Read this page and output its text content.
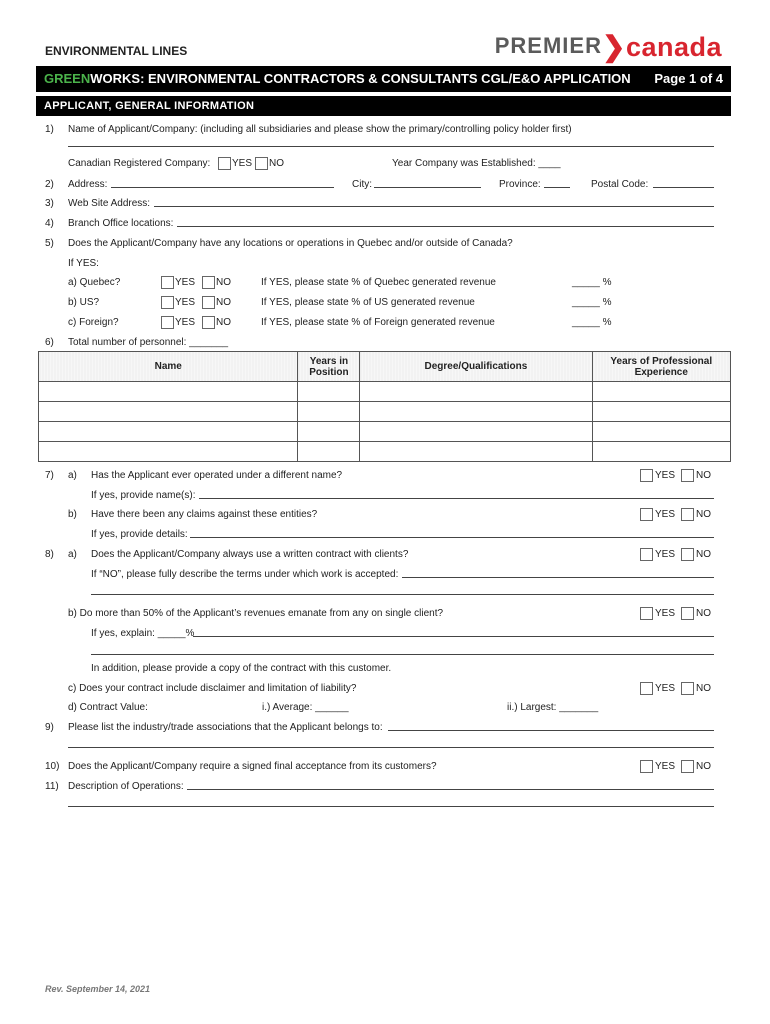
ENVIRONMENTAL LINES	PREMIER❯canada
GREENWORKS: ENVIRONMENTAL CONTRACTORS & CONSULTANTS CGL/E&O APPLICATION Page 1 of 4
APPLICANT, GENERAL INFORMATION
1) Name of Applicant/Company: (including all subsidiaries and please show the primary/controlling policy holder first)
Canadian Registered Company: YES NO	Year Company was Established: ____
2) Address:	City:	Province:	Postal Code:
3) Web Site Address:
4) Branch Office locations:
5) Does the Applicant/Company have any locations or operations in Quebec and/or outside of Canada?
If YES:
a) Quebec?	YES NO	If YES, please state % of Quebec generated revenue	_____ %
b) US?	YES NO	If YES, please state % of US generated revenue	_____ %
c) Foreign?	YES NO	If YES, please state % of Foreign generated revenue	_____ %
6) Total number of personnel: _______
Name	Years in Position	Degree/Qualifications	Years of Professional Experience

7) a) Has the Applicant ever operated under a different name?	YES NO
If yes, provide name(s):
b) Have there been any claims against these entities?	YES NO
If yes, provide details:
8) a) Does the Applicant/Company always use a written contract with clients?	YES NO
If “NO”, please fully describe the terms under which work is accepted:
b) Do more than 50% of the Applicant’s revenues emanate from any on single client?	YES NO
If yes, explain: _____%
In addition, please provide a copy of the contract with this customer.
c) Does your contract include disclaimer and limitation of liability?	YES NO
d) Contract Value:	i.) Average: ______	ii.) Largest: _______
9) Please list the industry/trade associations that the Applicant belongs to:
10) Does the Applicant/Company require a signed final acceptance from its customers?	YES NO
11) Description of Operations:
Rev. September 14, 2021
